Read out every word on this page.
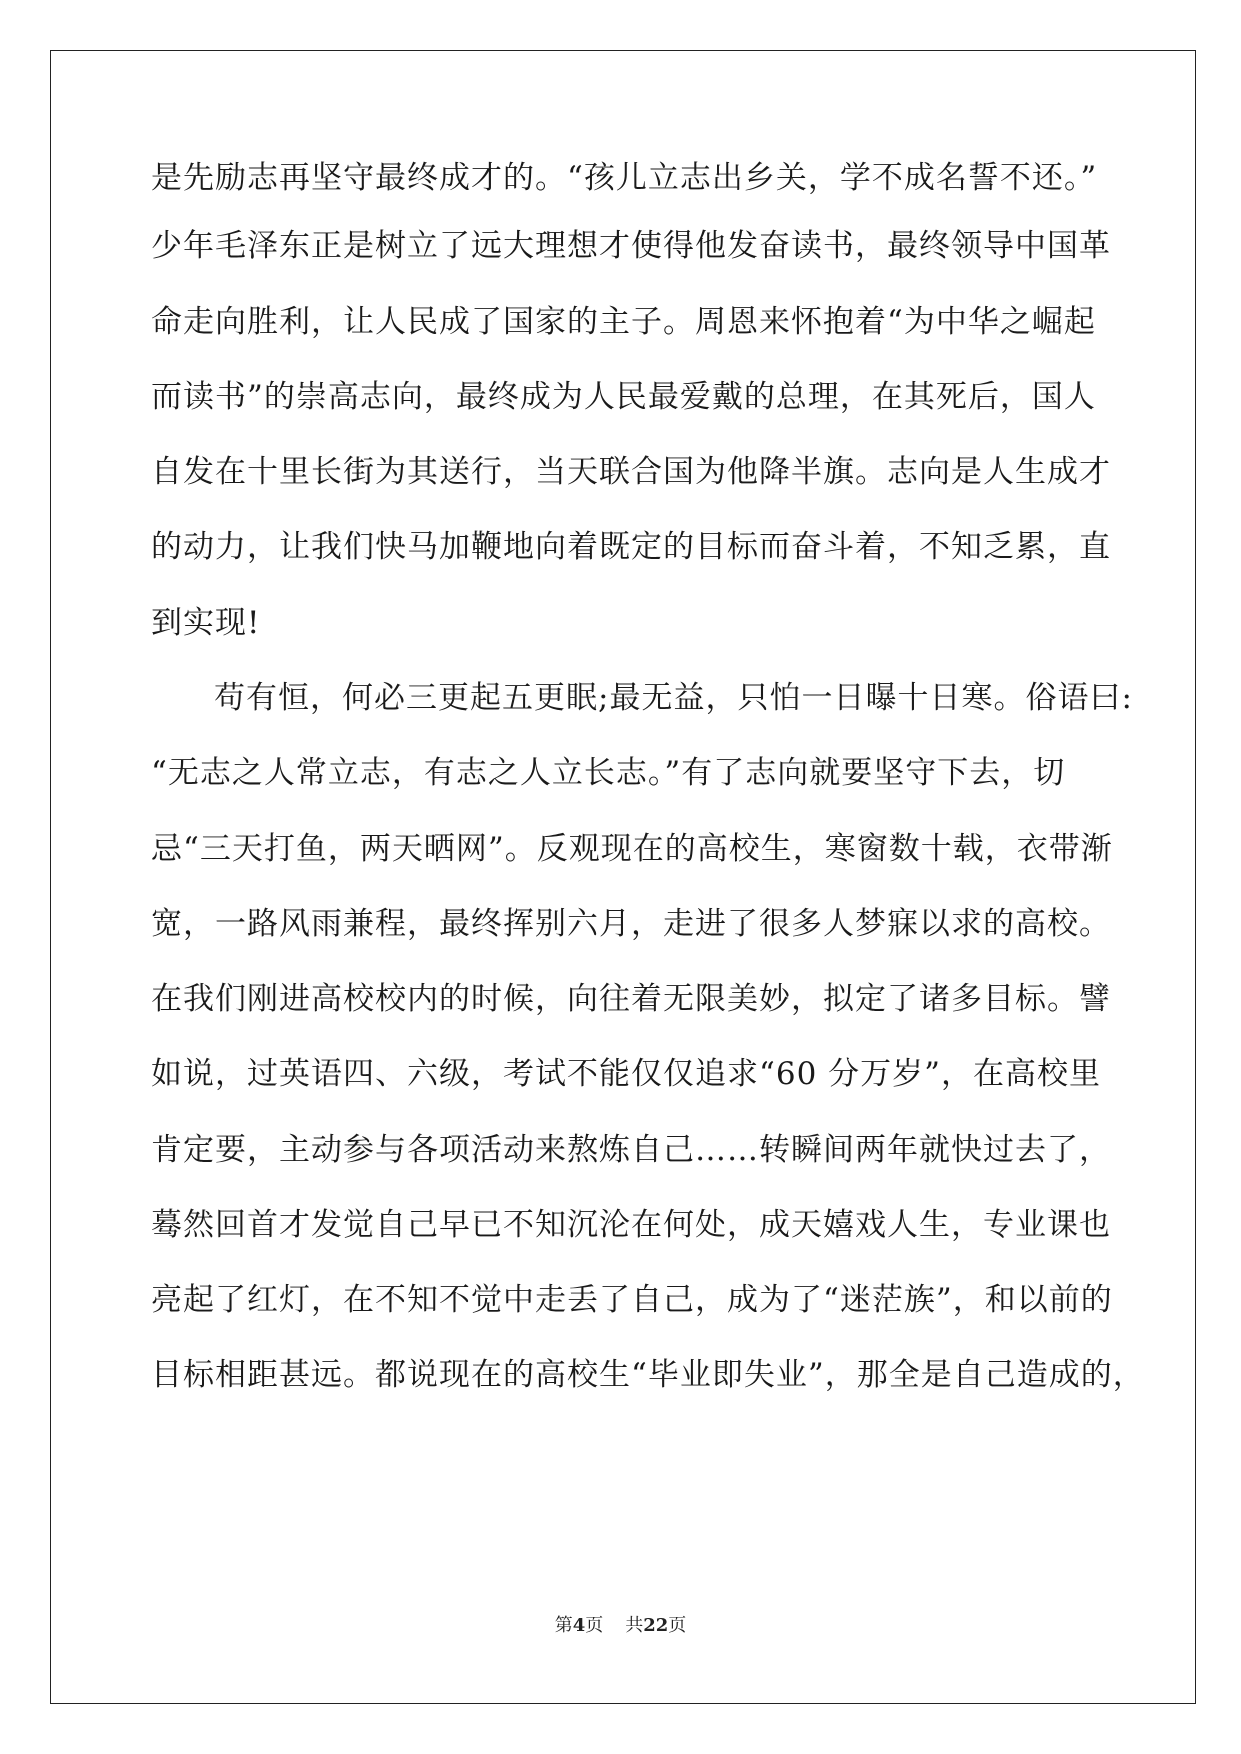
是先励志再坚守最终成才的。“孩儿立志出乡关，学不成名誓不还。”
少年毛泽东正是树立了远大理想才使得他发奋读书，最终领导中国革
命走向胜利，让人民成了国家的主子。周恩来怀抱着“为中华之崛起
而读书”的崇高志向，最终成为人民最爱戴的总理，在其死后，国人
自发在十里长街为其送行，当天联合国为他降半旗。志向是人生成才
的动力，让我们快马加鞭地向着既定的目标而奋斗着，不知乏累，直
到实现!
苟有恒，何必三更起五更眠;最无益，只怕一日曝十日寒。俗语曰:
“无志之人常立志，有志之人立长志。”有了志向就要坚守下去，切
忌“三天打鱼，两天晒网”。反观现在的高校生，寒窗数十载，衣带渐
宽，一路风雨兼程，最终挥别六月，走进了很多人梦寐以求的高校。
在我们刚进高校校内的时候，向往着无限美妙，拟定了诸多目标。譬
如说，过英语四、六级，考试不能仅仅追求“60 分万岁”，在高校里
肯定要，主动参与各项活动来熬炼自己……转瞬间两年就快过去了，
蓦然回首才发觉自己早已不知沉沦在何处，成天嬉戏人生，专业课也
亮起了红灯，在不知不觉中走丢了自己，成为了“迷茫族”，和以前的
目标相距甚远。都说现在的高校生“毕业即失业”，那全是自己造成的，
第4页 共22页
